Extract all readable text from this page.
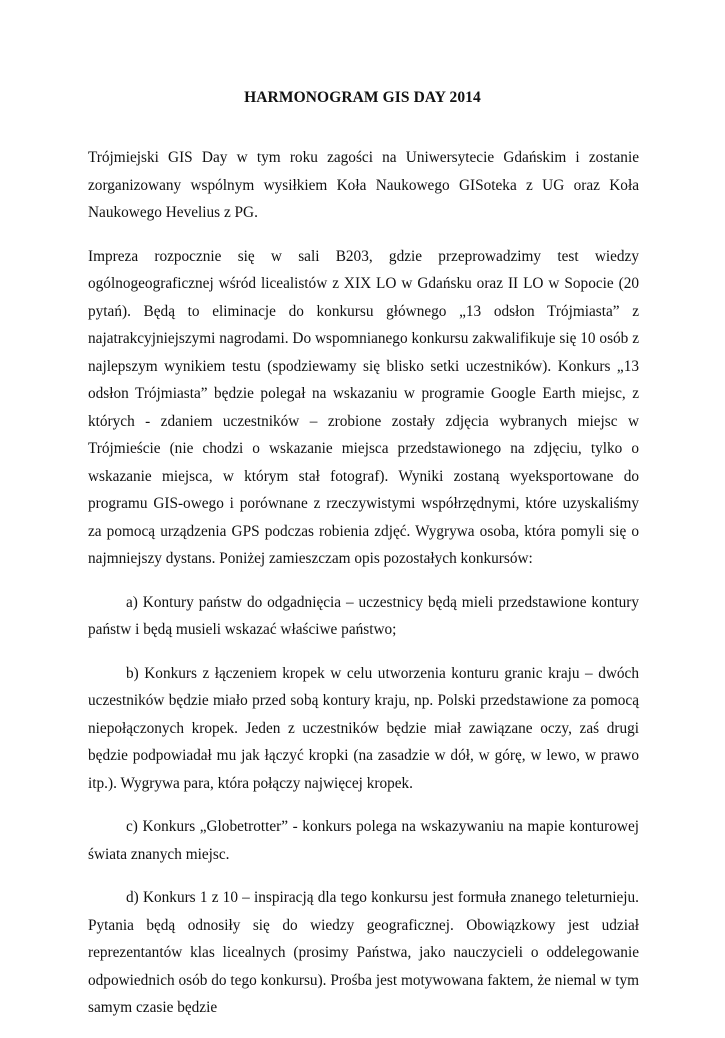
HARMONOGRAM GIS DAY 2014

Trójmiejski GIS Day w tym roku zagości na Uniwersytecie Gdańskim i zostanie zorganizowany wspólnym wysiłkiem Koła Naukowego GISoteka z UG oraz Koła Naukowego Hevelius z PG.

Impreza rozpocznie się w sali B203, gdzie przeprowadzimy test wiedzy ogólnogeograficznej wśród licealistów z XIX LO w Gdańsku oraz II LO w Sopocie (20 pytań). Będą to eliminacje do konkursu głównego „13 odsłon Trójmiasta” z najatrakcyjniejszymi nagrodami. Do wspomnianego konkursu zakwalifikuje się 10 osób z najlepszym wynikiem testu (spodziewamy się blisko setki uczestników). Konkurs „13 odsłon Trójmiasta” będzie polegał na wskazaniu w programie Google Earth miejsc, z których - zdaniem uczestników – zrobione zostały zdjęcia wybranych miejsc w Trójmieście (nie chodzi o wskazanie miejsca przedstawionego na zdjęciu, tylko o wskazanie miejsca, w którym stał fotograf). Wyniki zostaną wyeksportowane do programu GIS-owego i porównane z rzeczywistymi współrzędnymi, które uzyskaliśmy za pomocą urządzenia GPS podczas robienia zdjęć. Wygrywa osoba, która pomyli się o najmniejszy dystans. Poniżej zamieszczam opis pozostałych konkursów:

a) Kontury państw do odgadnięcia – uczestnicy będą mieli przedstawione kontury państw i będą musieli wskazać właściwe państwo;

b) Konkurs z łączeniem kropek w celu utworzenia konturu granic kraju – dwóch uczestników będzie miało przed sobą kontury kraju, np. Polski przedstawione za pomocą niepołączonych kropek. Jeden z uczestników będzie miał zawiązane oczy, zaś drugi będzie podpowiadał mu jak łączyć kropki (na zasadzie w dół, w górę, w lewo, w prawo itp.). Wygrywa para, która połączy najwięcej kropek.

c) Konkurs „Globetrotter” - konkurs polega na wskazywaniu na mapie konturowej świata znanych miejsc.

d) Konkurs 1 z 10 – inspiracją dla tego konkursu jest formuła znanego teleturnieju. Pytania będą odnosiły się do wiedzy geograficznej. Obowiązkowy jest udział reprezentantów klas licealnych (prosimy Państwa, jako nauczycieli o oddelegowanie odpowiednich osób do tego konkursu). Prośba jest motywowana faktem, że niemal w tym samym czasie będzie
